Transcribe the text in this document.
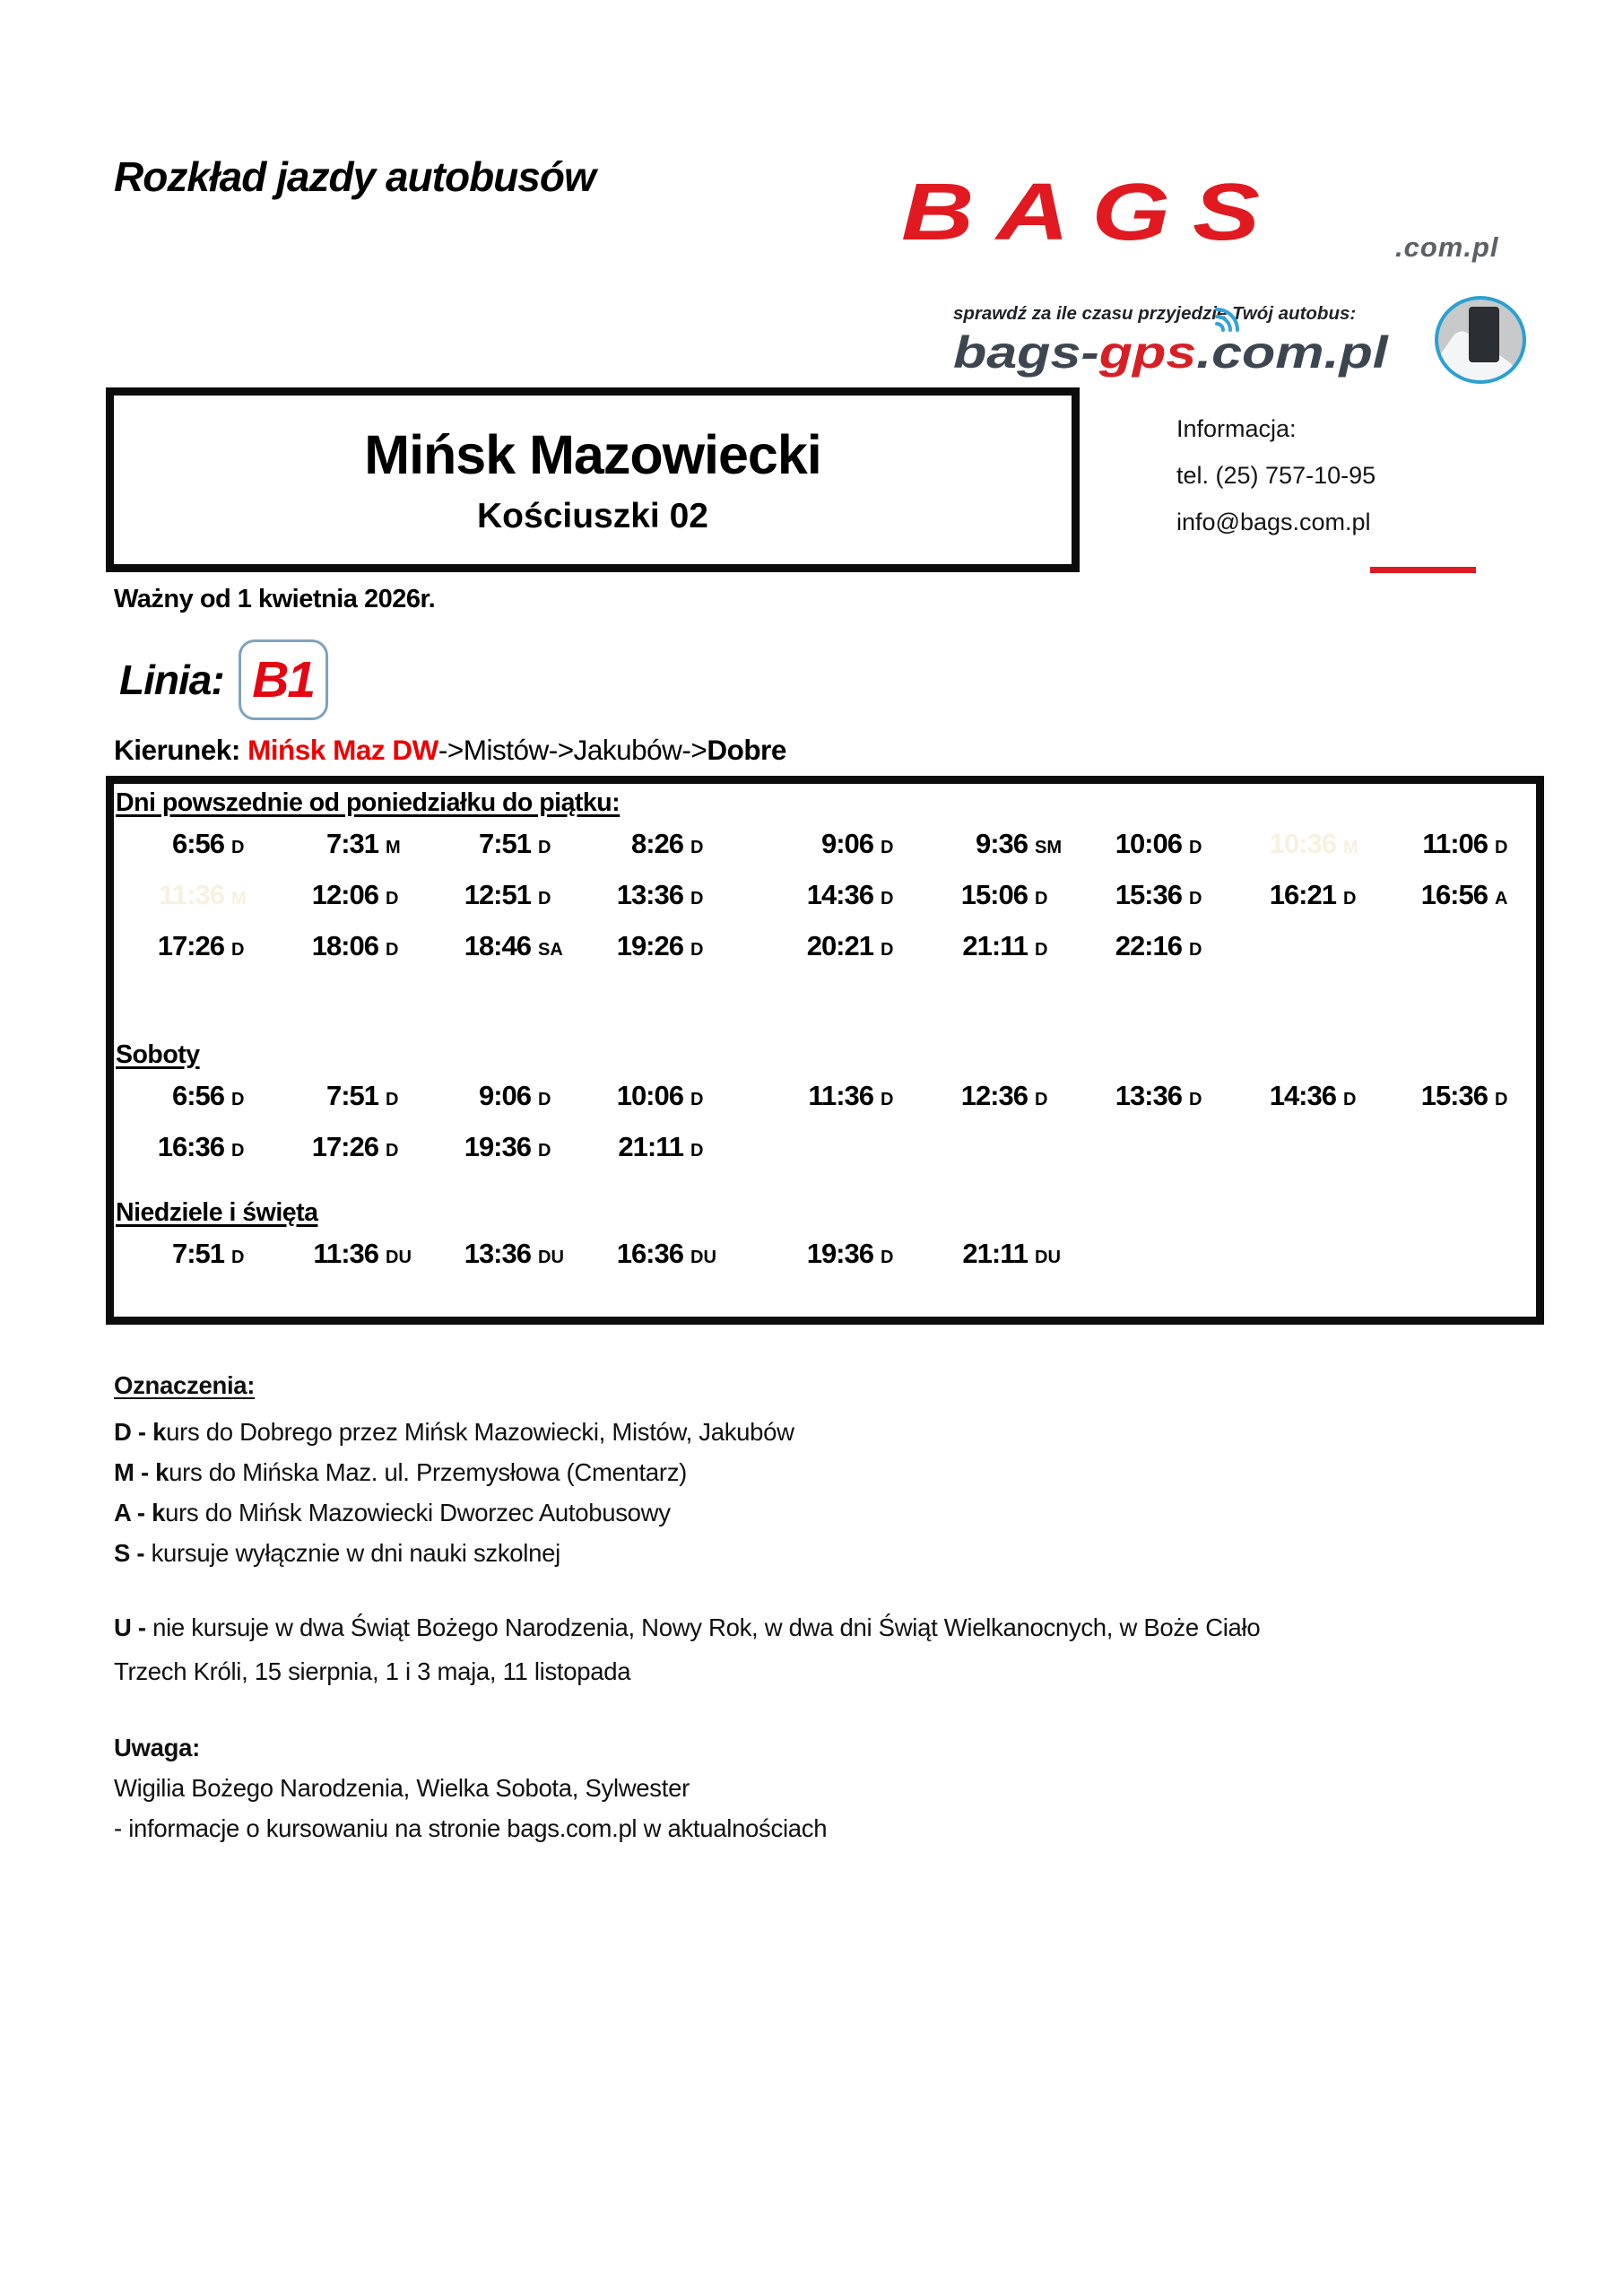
Rozkład jazdy autobusów	BAGS	.com.pl
sprawdź za ile czasu przyjedzie Twój autobus:
bags-gps.com.pl
Mińsk Mazowiecki
Kościuszki 02
Informacja:
tel. (25) 757-10-95
info@bags.com.pl
Ważny od 1 kwietnia 2026r.
Linia: B1
Kierunek: Mińsk Maz DW->Mistów->Jakubów->Dobre
Dni powszednie od poniedziałku do piątku:
6:56 D	7:31 M	7:51 D	8:26 D	9:06 D	9:36 SM 10:06 D	10:36 M	11:06 D
11:36 M	12:06 D	12:51 D	13:36 D	14:36 D	15:06 D	15:36 D	16:21 D	16:56 A
17:26 D	18:06 D	18:46 SA 19:26 D	20:21 D	21:11 D	22:16 D
Soboty
6:56 D	7:51 D	9:06 D	10:06 D	11:36 D	12:36 D	13:36 D	14:36 D	15:36 D
16:36 D	17:26 D	19:36 D	21:11 D
Niedziele i święta
7:51 D	11:36 DU 13:36 DU 16:36 DU	19:36 D	21:11 DU
Oznaczenia:
D - kurs do Dobrego przez Mińsk Mazowiecki, Mistów, Jakubów
M - kurs do Mińska Maz. ul. Przemysłowa (Cmentarz)
A - kurs do Mińsk Mazowiecki Dworzec Autobusowy
S - kursuje wyłącznie w dni nauki szkolnej
U - nie kursuje w dwa Świąt Bożego Narodzenia, Nowy Rok, w dwa dni Świąt Wielkanocnych, w Boże Ciało
Trzech Króli, 15 sierpnia, 1 i 3 maja, 11 listopada
Uwaga:
Wigilia Bożego Narodzenia, Wielka Sobota, Sylwester
- informacje o kursowaniu na stronie bags.com.pl w aktualnościach
